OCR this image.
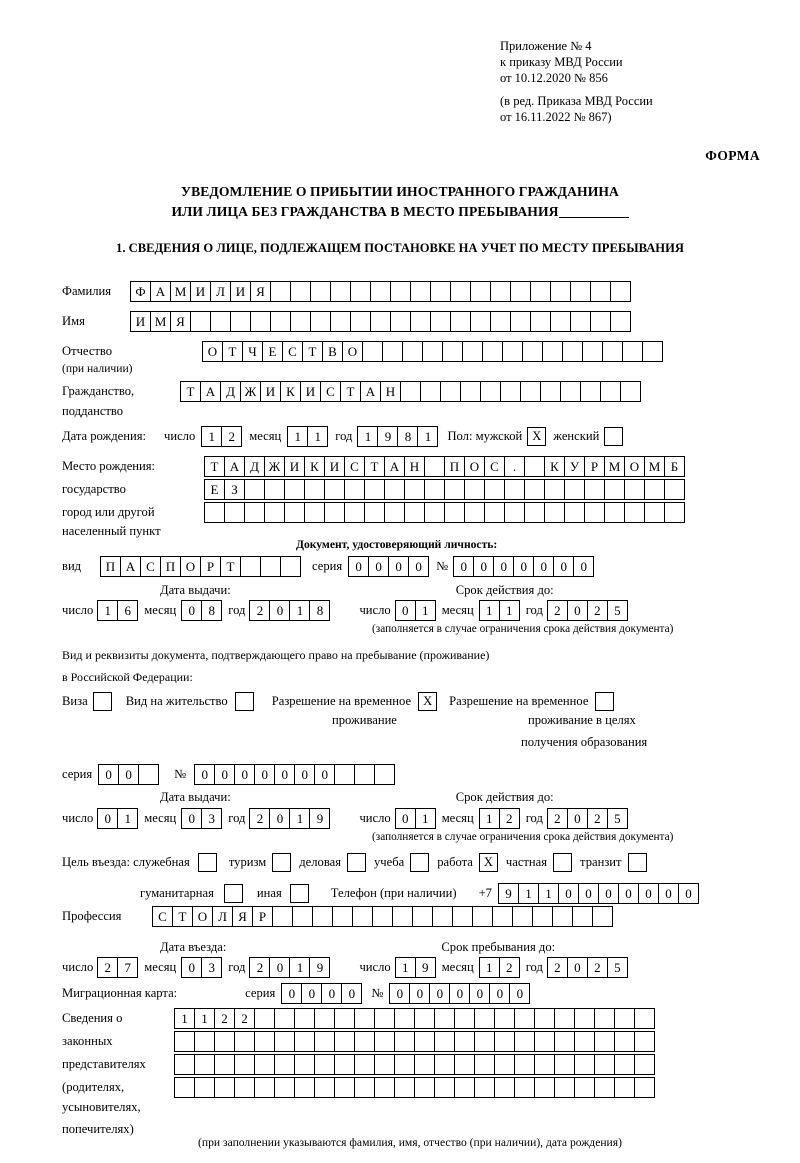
Приложение № 4
к приказу МВД России
от 10.12.2020 № 856
(в ред. Приказа МВД России
от 16.11.2022 № 867)
ФОРМА
УВЕДОМЛЕНИЕ О ПРИБЫТИИ ИНОСТРАННОГО ГРАЖДАНИНА
ИЛИ ЛИЦА БЕЗ ГРАЖДАНСТВА В МЕСТО ПРЕБЫВАНИЯ
1. СВЕДЕНИЯ О ЛИЦЕ, ПОДЛЕЖАЩЕМ ПОСТАНОВКЕ НА УЧЕТ ПО МЕСТУ ПРЕБЫВАНИЯ
Фамилия	Ф А М И Л И Я
Имя	И М Я
Отчество	О Т Ч Е С Т В О
(при наличии)
Гражданство,	Т А Д Ж И К И С Т А Н
подданство
Дата рождения: число	1	2	месяц	1	1	год 1	9	8	1	Пол: мужской X женский
Место рождения:	Т А Д Ж И К И С Т А Н	П О С	.	К У Р М О М Б
государство	Е З
город или другой
населенный пункт
Документ, удостоверяющий личность:
вид	П А С П О Р Т	серия	0	0	0	0	№ 0	0	0	0	0	0	0
Дата выдачи:	Срок действия до:
число 1	6	месяц 0	8	год 2	0	1	8	число 0	1	месяц 1	1	год 2	0	2	5
(заполняется в случае ограничения срока действия документа)
Вид и реквизиты документа, подтверждающего право на пребывание (проживание)
в Российской Федерации:
Виза	Вид на жительство	Разрешение на временное X	Разрешение на временное
проживание	проживание в целях
получения образования
серия	0	0	№	0	0	0	0	0	0	0
Дата выдачи:	Срок действия до:
число 0	1	месяц 0	3	год 2	0	1	9	число 0	1	месяц 1	2	год 2	0	2	5
(заполняется в случае ограничения срока действия документа)
Цель въезда: служебная	туризм	деловая	учеба	работа X	частная	транзит
гуманитарная	иная	Телефон (при наличии) +7	9	1	1	0	0	0	0	0	0	0
Профессия	С Т О Л Я Р
Дата въезда:	Срок пребывания до:
число 2	7	месяц 0	3	год 2	0	1	9	число 1	9	месяц 1	2	год 2	0	2	5
Миграционная карта:	серия	0	0	0	0	№	0	0	0	0	0	0	0
Сведения о	1	1	2	2
законных
представителях
(родителях,
усыновителях,
попечителях)
(при заполнении указываются фамилия, имя, отчество (при наличии), дата рождения)
